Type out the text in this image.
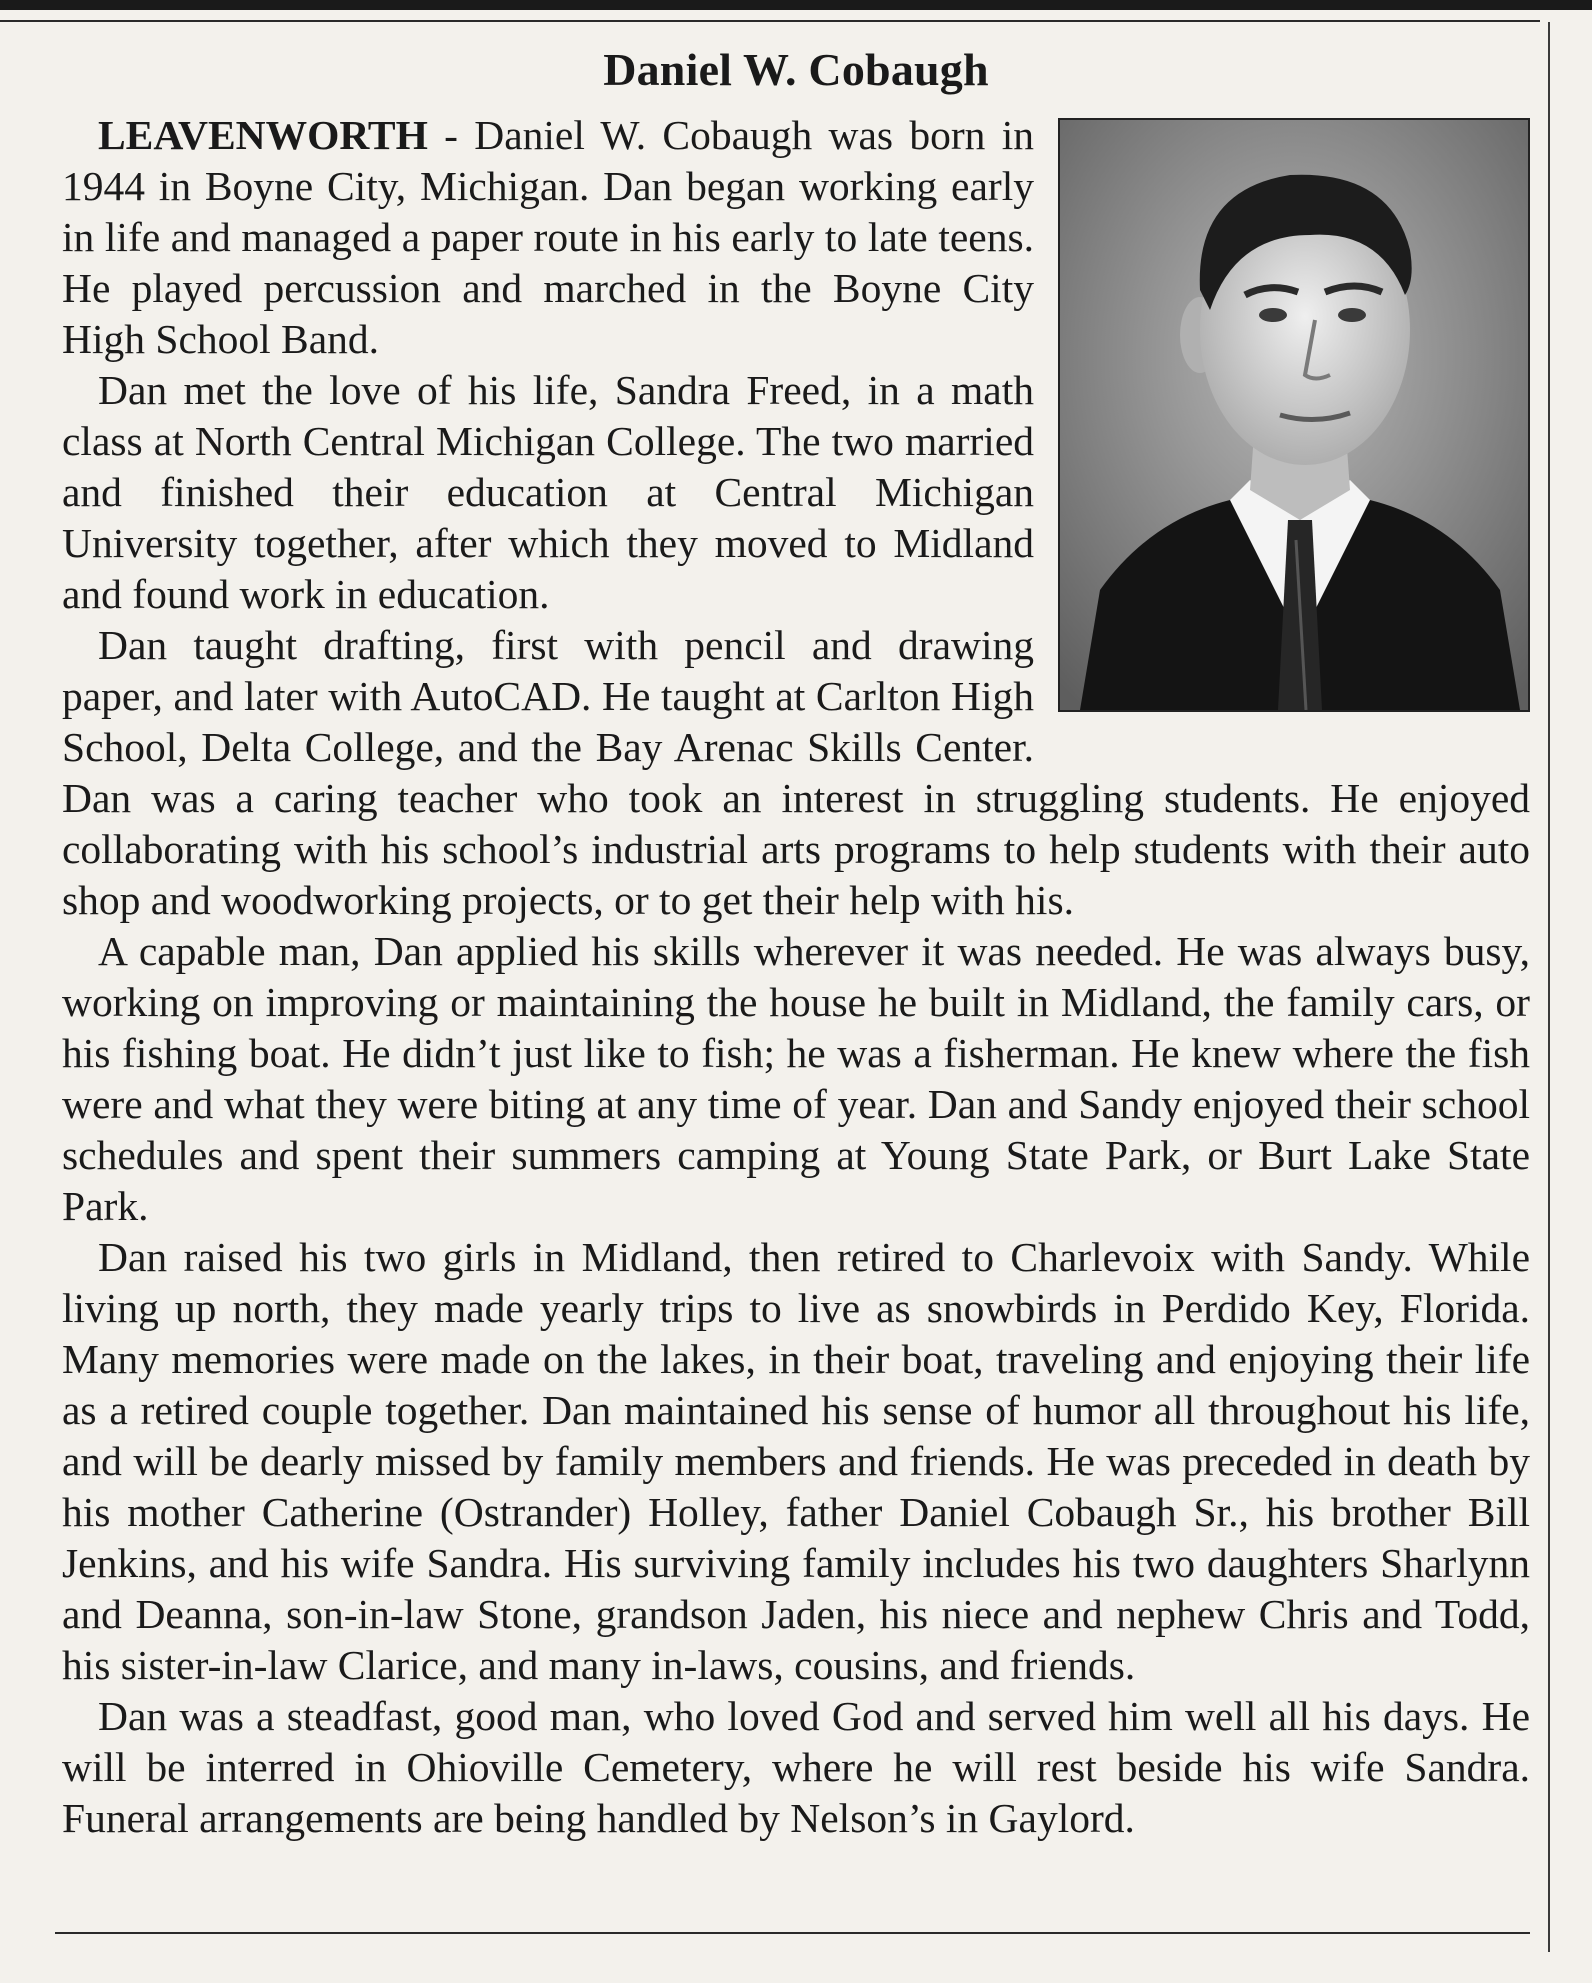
Daniel W. Cobaugh

LEAVENWORTH - Daniel W. Cobaugh was born in 1944 in Boyne City, Michigan. Dan began working early in life and managed a paper route in his early to late teens. He played percussion and marched in the Boyne City High School Band.

Dan met the love of his life, Sandra Freed, in a math class at North Central Michigan College. The two married and finished their education at Central Michigan University together, after which they moved to Midland and found work in education.

Dan taught drafting, first with pencil and drawing paper, and later with AutoCAD. He taught at Carlton High School, Delta College, and the Bay Arenac Skills Center. Dan was a caring teacher who took an interest in struggling students. He enjoyed collaborating with his school’s industrial arts programs to help students with their auto shop and woodworking projects, or to get their help with his.

A capable man, Dan applied his skills wherever it was needed. He was always busy, working on improving or maintaining the house he built in Midland, the family cars, or his fishing boat. He didn’t just like to fish; he was a fisherman. He knew where the fish were and what they were biting at any time of year. Dan and Sandy enjoyed their school schedules and spent their summers camping at Young State Park, or Burt Lake State Park.

Dan raised his two girls in Midland, then retired to Charlevoix with Sandy. While living up north, they made yearly trips to live as snowbirds in Perdido Key, Florida. Many memories were made on the lakes, in their boat, traveling and enjoying their life as a retired couple together. Dan maintained his sense of humor all throughout his life, and will be dearly missed by family members and friends. He was preceded in death by his mother Catherine (Ostrander) Holley, father Daniel Cobaugh Sr., his brother Bill Jenkins, and his wife Sandra. His surviving family includes his two daughters Sharlynn and Deanna, son-in-law Stone, grandson Jaden, his niece and nephew Chris and Todd, his sister-in-law Clarice, and many in-laws, cousins, and friends.

Dan was a steadfast, good man, who loved God and served him well all his days. He will be interred in Ohioville Cemetery, where he will rest beside his wife Sandra. Funeral arrangements are being handled by Nelson’s in Gaylord.
